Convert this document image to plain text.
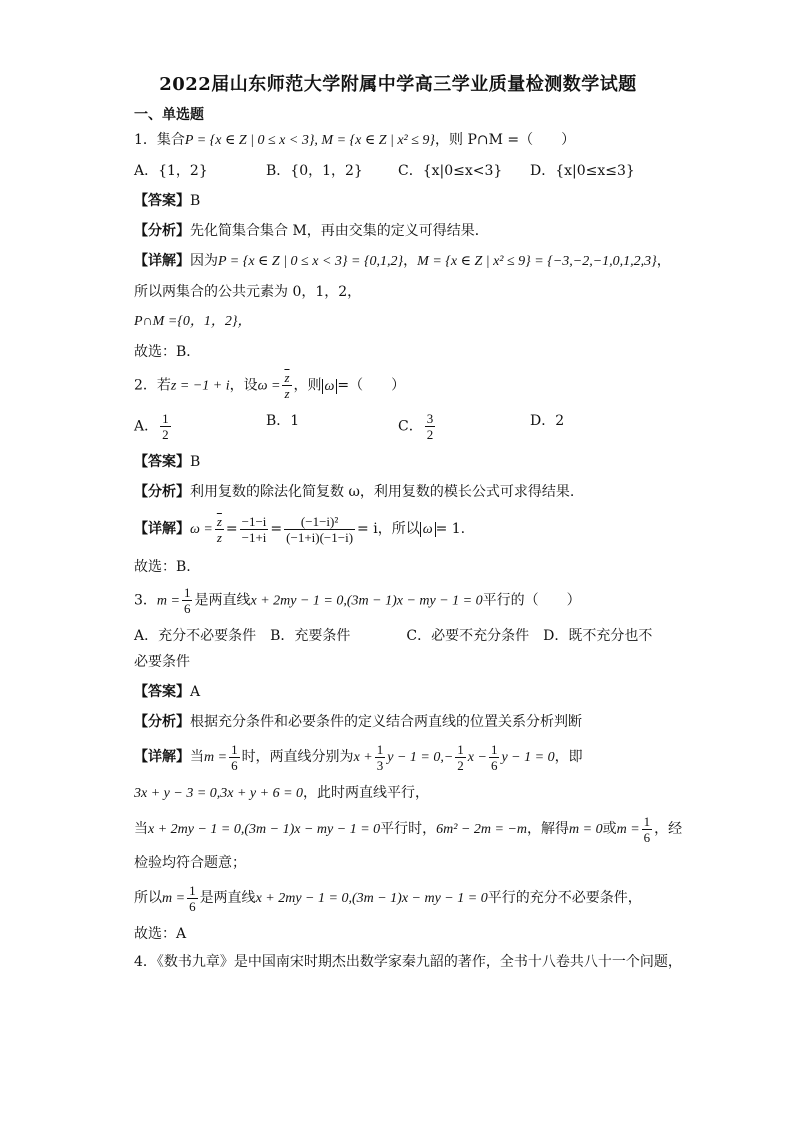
2022届山东师范大学附属中学高三学业质量检测数学试题
一、单选题
1．集合P = {x ∈ Z | 0 ≤ x < 3}, M = {x ∈ Z | x² ≤ 9}，则 P∩M =（　　）
A．{1，2}	B．{0，1，2}	C．{x|0≤x<3}	D．{x|0≤x≤3}
【答案】B
【分析】先化简集合集合 M，再由交集的定义可得结果．
【详解】因为P = {x ∈ Z | 0 ≤ x < 3} = {0,1,2}，M = {x ∈ Z | x² ≤ 9} = {−3,−2,−1,0,1,2,3}，
所以两集合的公共元素为 0，1，2，
P∩M ={0，1，2}，
故选：B．
2．若z = −1 + i，设$\omega = \frac{\overline{z}}{z}$ ，则 ω =（　　）
A． $\frac{1}{2}$	B．1	C． $\frac{3}{2}$	D．2
【答案】B
【分析】利用复数的除法化简复数 ω，利用复数的模长公式可求得结果.
【详解】$\omega = \frac{\overline{z}}{z} = \frac{-1-i}{-1+i} = \frac{\text{(−1−i)²}}{(-1+i)(-1-i)} = i$，所以 ω = 1.
故选：B.
3．$m = \frac{1}{6}$ 是两直线x + 2my − 1 = 0,(3m − 1)x − my − 1 = 0平行的（　　）
A．充分不必要条件　B．充要条件　　　　C．必要不充分条件　D．既不充分也不
必要条件
【答案】A
【分析】根据充分条件和必要条件的定义结合两直线的位置关系分析判断
【详解】当$m = \frac{1}{6}$ 时，两直线分别为$x + \frac{1}{3}$ $y - 1 = 0,- \frac{1}{2}$ $x - \frac{1}{6}$ y − 1 = 0，即
3x + y − 3 = 0,3x + y + 6 = 0，此时两直线平行，
当x + 2my − 1 = 0,(3m − 1)x − my − 1 = 0平行时，6m² − 2m = −m，解得m = 0或$m = \frac{1}{6}$ ，经
检验均符合题意；
所以$m = \frac{1}{6}$ 是两直线x + 2my − 1 = 0,(3m − 1)x − my − 1 = 0平行的充分不必要条件，
故选：A
4．《数书九章》是中国南宋时期杰出数学家秦九韶的著作，全书十八卷共八十一个问题，
